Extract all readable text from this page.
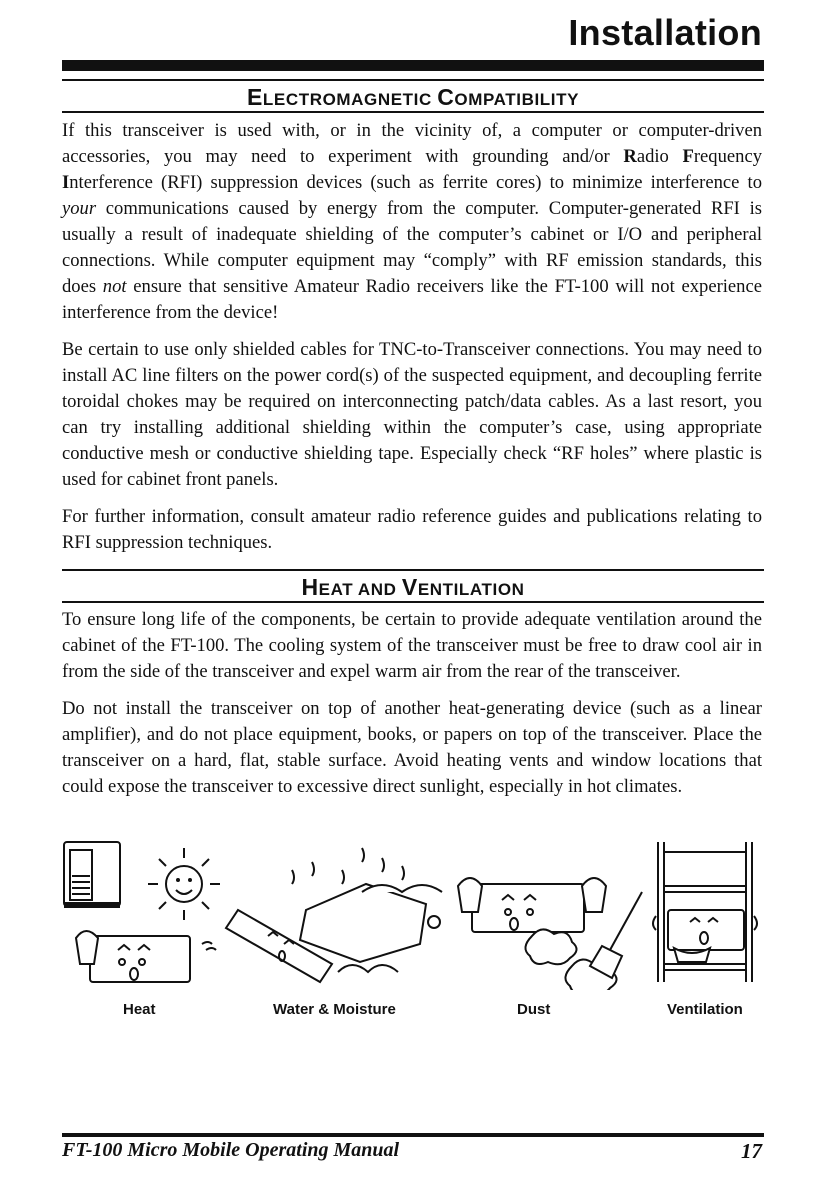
Installation
ELECTROMAGNETIC COMPATIBILITY

If this transceiver is used with, or in the vicinity of, a computer or computer-driven accessories, you may need to experiment with grounding and/or Radio Frequency Interference (RFI) suppression devices (such as ferrite cores) to minimize interference to your communications caused by energy from the computer. Computer-generated RFI is usually a result of inadequate shielding of the computer’s cabinet or I/O and peripheral connections. While computer equipment may “comply” with RF emission standards, this does not ensure that sensitive Amateur Radio receivers like the FT-100 will not experience interference from the device!

Be certain to use only shielded cables for TNC-to-Transceiver connections. You may need to install AC line filters on the power cord(s) of the suspected equipment, and decoupling ferrite toroidal chokes may be required on interconnecting patch/data cables. As a last resort, you can try installing additional shielding within the computer’s case, using appropriate conductive mesh or conductive shielding tape. Especially check “RF holes” where plastic is used for cabinet front panels.

For further information, consult amateur radio reference guides and publications relating to RFI suppression techniques.

HEAT AND VENTILATION

To ensure long life of the components, be certain to provide adequate ventilation around the cabinet of the FT-100. The cooling system of the transceiver must be free to draw cool air in from the side of the transceiver and expel warm air from the rear of the transceiver.

Do not install the transceiver on top of another heat-generating device (such as a linear amplifier), and do not place equipment, books, or papers on top of the transceiver. Place the transceiver on a hard, flat, stable surface. Avoid heating vents and window locations that could expose the transceiver to excessive direct sunlight, especially in hot climates.

Heat	Water & Moisture	Dust	Ventilation
FT-100 Micro Mobile Operating Manual	17
